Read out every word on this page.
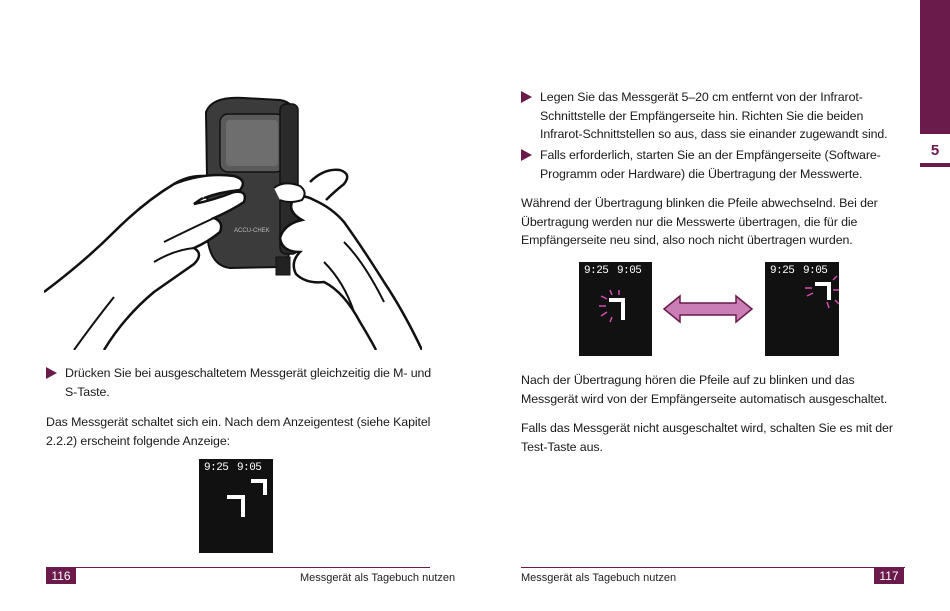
5
ACCU-CHEK

Drücken Sie bei ausgeschaltetem Messgerät gleichzeitig die M- und S-Taste.

Das Messgerät schaltet sich ein. Nach dem Anzeigentest (siehe Kapitel 2.2.2) erscheint folgende Anzeige:

9:25 9:05
116	Messgerät als Tagebuch nutzen

Legen Sie das Messgerät 5–20 cm entfernt von der Infrarot-Schnittstelle der Empfängerseite hin. Richten Sie die beiden Infrarot-Schnittstellen so aus, dass sie einander zugewandt sind.

Falls erforderlich, starten Sie an der Empfängerseite (Software-Programm oder Hardware) die Übertragung der Messwerte.

Während der Übertragung blinken die Pfeile abwechselnd. Bei der Übertragung werden nur die Messwerte übertragen, die für die Empfängerseite neu sind, also noch nicht übertragen wurden.

9:25 9:05	9:25 9:05

Nach der Übertragung hören die Pfeile auf zu blinken und das Messgerät wird von der Empfängerseite automatisch ausgeschaltet.

Falls das Messgerät nicht ausgeschaltet wird, schalten Sie es mit der Test-Taste aus.

Messgerät als Tagebuch nutzen	117
